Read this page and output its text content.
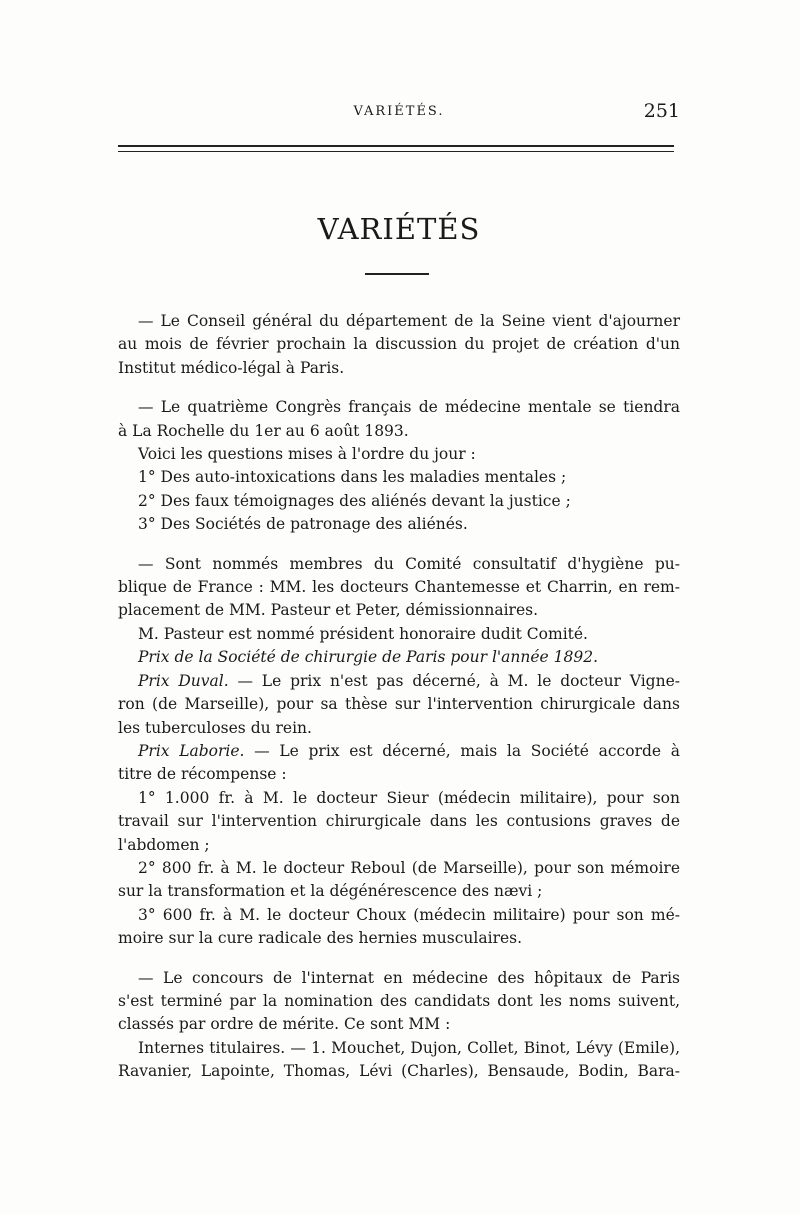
VARIÉTÉS.	251
VARIÉTÉS
— Le Conseil général du département de la Seine vient d'ajourner
au mois de février prochain la discussion du projet de création d'un
Institut médico-légal à Paris.
— Le quatrième Congrès français de médecine mentale se tiendra
à La Rochelle du 1er au 6 août 1893.
Voici les questions mises à l'ordre du jour :
1° Des auto-intoxications dans les maladies mentales ;
2° Des faux témoignages des aliénés devant la justice ;
3° Des Sociétés de patronage des aliénés.
— Sont nommés membres du Comité consultatif d'hygiène pu-
blique de France : MM. les docteurs Chantemesse et Charrin, en rem-
placement de MM. Pasteur et Peter, démissionnaires.
M. Pasteur est nommé président honoraire dudit Comité.
Prix de la Société de chirurgie de Paris pour l'année 1892.
Prix Duval. — Le prix n'est pas décerné, à M. le docteur Vigne-
ron (de Marseille), pour sa thèse sur l'intervention chirurgicale dans
les tuberculoses du rein.
Prix Laborie. — Le prix est décerné, mais la Société accorde à
titre de récompense :
1° 1.000 fr. à M. le docteur Sieur (médecin militaire), pour son
travail sur l'intervention chirurgicale dans les contusions graves de
l'abdomen ;
2° 800 fr. à M. le docteur Reboul (de Marseille), pour son mémoire
sur la transformation et la dégénérescence des nævi ;
3° 600 fr. à M. le docteur Choux (médecin militaire) pour son mé-
moire sur la cure radicale des hernies musculaires.
— Le concours de l'internat en médecine des hôpitaux de Paris
s'est terminé par la nomination des candidats dont les noms suivent,
classés par ordre de mérite. Ce sont MM :
Internes titulaires. — 1. Mouchet, Dujon, Collet, Binot, Lévy (Emile),
Ravanier, Lapointe, Thomas, Lévi (Charles), Bensaude, Bodin, Bara-
